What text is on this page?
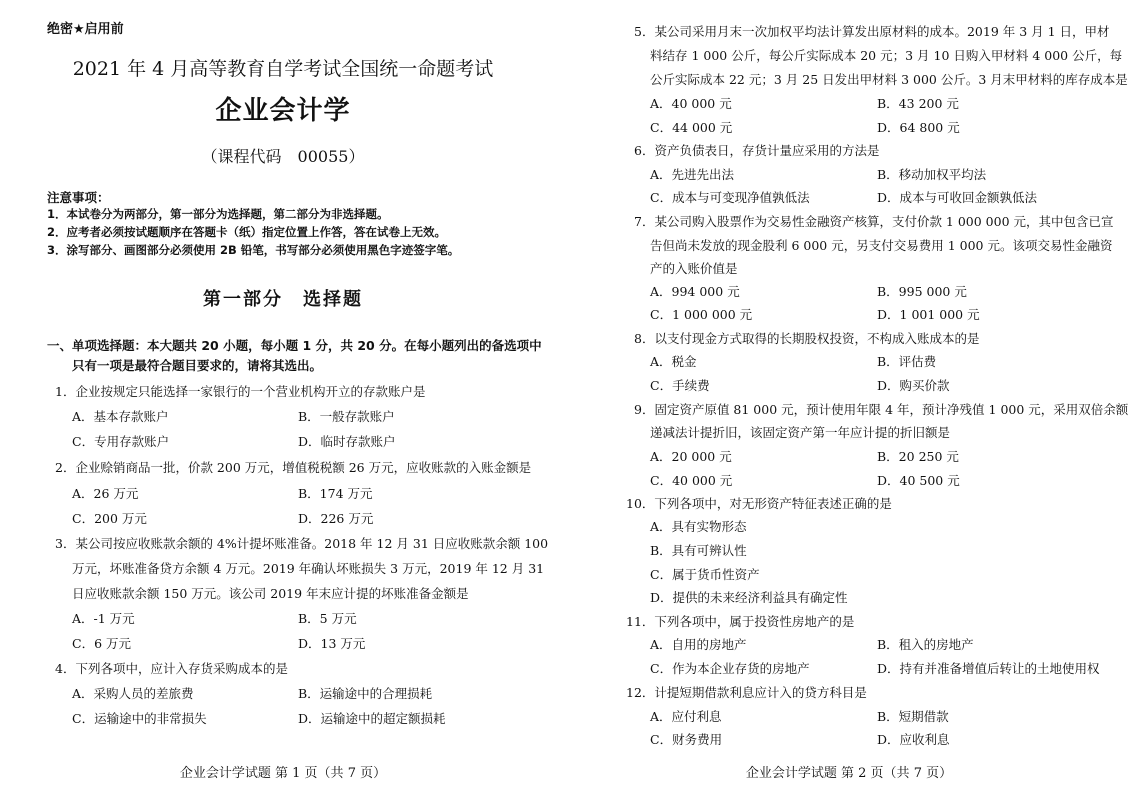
绝密★启用前
2021 年 4 月高等教育自学考试全国统一命题考试
企业会计学
（课程代码　00055）
注意事项：
1．本试卷分为两部分，第一部分为选择题，第二部分为非选择题。
2．应考者必须按试题顺序在答题卡（纸）指定位置上作答，答在试卷上无效。
3．涂写部分、画图部分必须使用 2B 铅笔，书写部分必须使用黑色字迹签字笔。
第一部分　选择题
一、单项选择题：本大题共 20 小题，每小题 1 分，共 20 分。在每小题列出的备选项中
只有一项是最符合题目要求的，请将其选出。
1．企业按规定只能选择一家银行的一个营业机构开立的存款账户是
A．基本存款账户	B．一般存款账户
C．专用存款账户	D．临时存款账户
2．企业赊销商品一批，价款 200 万元，增值税税额 26 万元，应收账款的入账金额是
A．26 万元	B．174 万元
C．200 万元	D．226 万元
3．某公司按应收账款余额的 4%计提坏账准备。2018 年 12 月 31 日应收账款余额 100
万元，坏账准备贷方余额 4 万元。2019 年确认坏账损失 3 万元，2019 年 12 月 31
日应收账款余额 150 万元。该公司 2019 年末应计提的坏账准备金额是
A．-1 万元	B．5 万元
C．6 万元	D．13 万元
4．下列各项中，应计入存货采购成本的是
A．采购人员的差旅费	B．运输途中的合理损耗
C．运输途中的非常损失	D．运输途中的超定额损耗
企业会计学试题 第 1 页（共 7 页）
5．某公司采用月末一次加权平均法计算发出原材料的成本。2019 年 3 月 1 日，甲材
料结存 1 000 公斤，每公斤实际成本 20 元；3 月 10 日购入甲材料 4 000 公斤，每
公斤实际成本 22 元；3 月 25 日发出甲材料 3 000 公斤。3 月末甲材料的库存成本是
A．40 000 元	B．43 200 元
C．44 000 元	D．64 800 元
6．资产负债表日，存货计量应采用的方法是
A．先进先出法	B．移动加权平均法
C．成本与可变现净值孰低法	D．成本与可收回金额孰低法
7．某公司购入股票作为交易性金融资产核算，支付价款 1 000 000 元，其中包含已宣
告但尚未发放的现金股利 6 000 元，另支付交易费用 1 000 元。该项交易性金融资
产的入账价值是
A．994 000 元	B．995 000 元
C．1 000 000 元	D．1 001 000 元
8．以支付现金方式取得的长期股权投资，不构成入账成本的是
A．税金	B．评估费
C．手续费	D．购买价款
9．固定资产原值 81 000 元，预计使用年限 4 年，预计净残值 1 000 元，采用双倍余额
递减法计提折旧，该固定资产第一年应计提的折旧额是
A．20 000 元	B．20 250 元
C．40 000 元	D．40 500 元
10．下列各项中，对无形资产特征表述正确的是
A．具有实物形态
B．具有可辨认性
C．属于货币性资产
D．提供的未来经济利益具有确定性
11．下列各项中，属于投资性房地产的是
A．自用的房地产	B．租入的房地产
C．作为本企业存货的房地产	D．持有并准备增值后转让的土地使用权
12．计提短期借款利息应计入的贷方科目是
A．应付利息	B．短期借款
C．财务费用	D．应收利息
企业会计学试题 第 2 页（共 7 页）
